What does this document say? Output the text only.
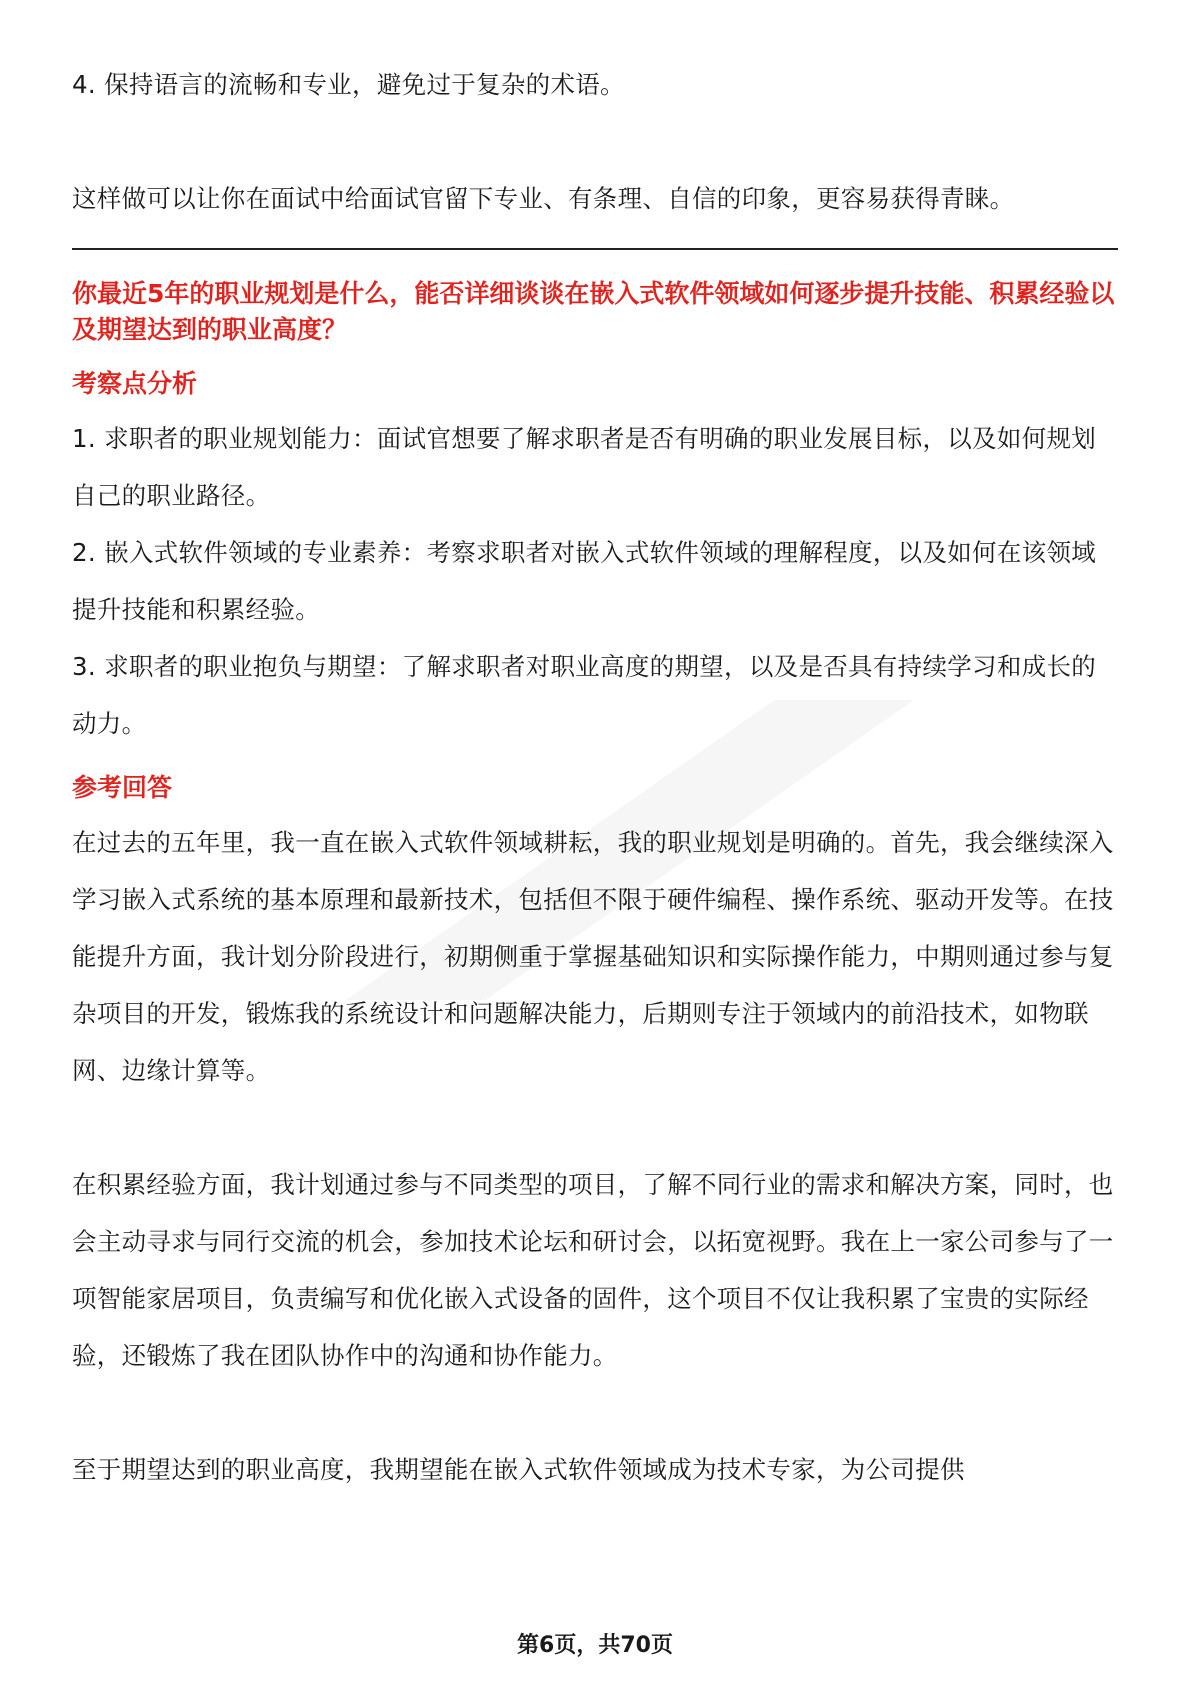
4. 保持语言的流畅和专业，避免过于复杂的术语。

这样做可以让你在面试中给面试官留下专业、有条理、自信的印象，更容易获得青睐。

你最近5年的职业规划是什么，能否详细谈谈在嵌入式软件领域如何逐步提升技能、积累经验以及期望达到的职业高度？

考察点分析

1. 求职者的职业规划能力：面试官想要了解求职者是否有明确的职业发展目标，以及如何规划自己的职业路径。

2. 嵌入式软件领域的专业素养：考察求职者对嵌入式软件领域的理解程度，以及如何在该领域提升技能和积累经验。

3. 求职者的职业抱负与期望：了解求职者对职业高度的期望，以及是否具有持续学习和成长的动力。

参考回答

在过去的五年里，我一直在嵌入式软件领域耕耘，我的职业规划是明确的。首先，我会继续深入学习嵌入式系统的基本原理和最新技术，包括但不限于硬件编程、操作系统、驱动开发等。在技能提升方面，我计划分阶段进行，初期侧重于掌握基础知识和实际操作能力，中期则通过参与复杂项目的开发，锻炼我的系统设计和问题解决能力，后期则专注于领域内的前沿技术，如物联网、边缘计算等。

在积累经验方面，我计划通过参与不同类型的项目，了解不同行业的需求和解决方案，同时，也会主动寻求与同行交流的机会，参加技术论坛和研讨会，以拓宽视野。我在上一家公司参与了一项智能家居项目，负责编写和优化嵌入式设备的固件，这个项目不仅让我积累了宝贵的实际经验，还锻炼了我在团队协作中的沟通和协作能力。

至于期望达到的职业高度，我期望能在嵌入式软件领域成为技术专家，为公司提供

第6页，共70页
